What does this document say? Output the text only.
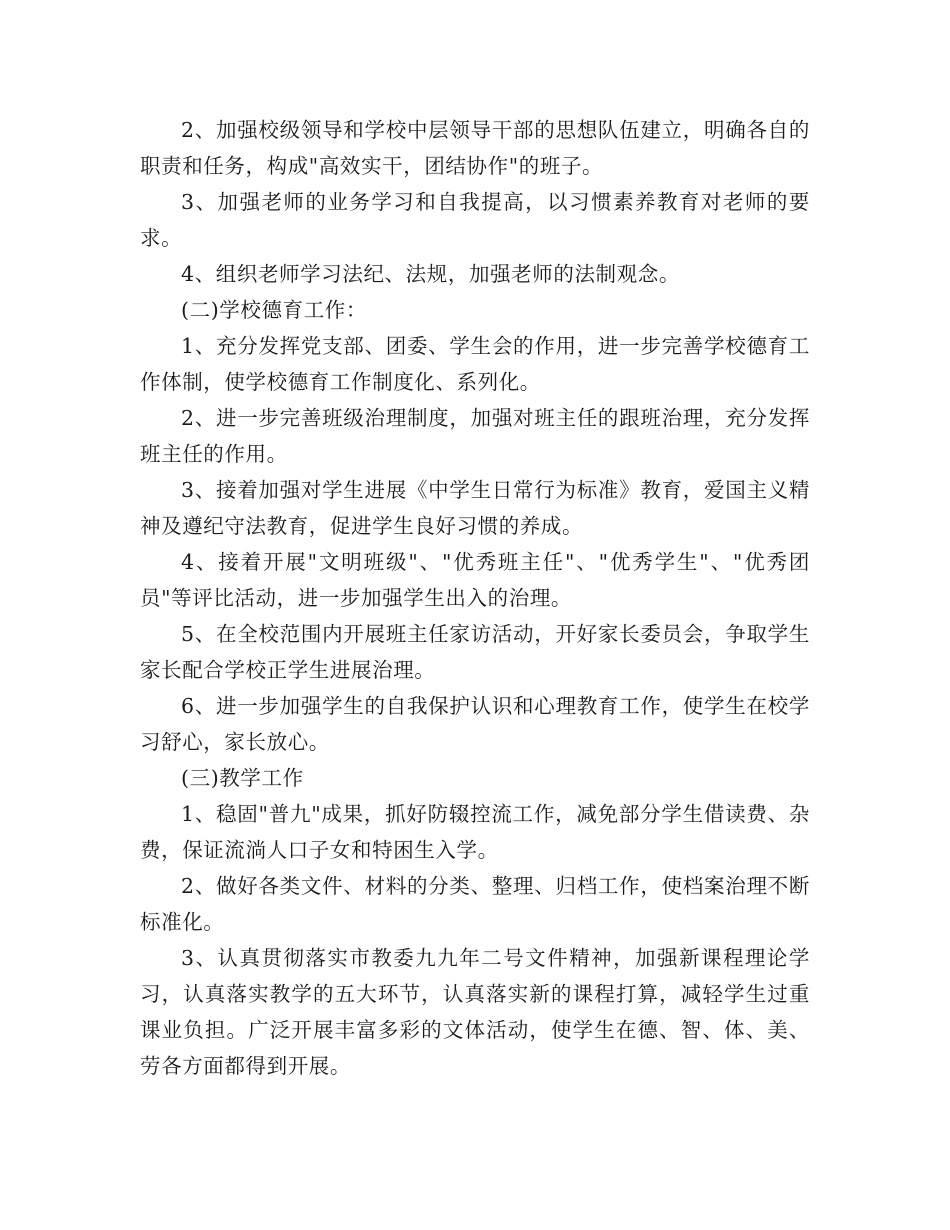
2、加强校级领导和学校中层领导干部的思想队伍建立，明确各自的职责和任务，构成"高效实干，团结协作"的班子。

3、加强老师的业务学习和自我提高，以习惯素养教育对老师的要求。

4、组织老师学习法纪、法规，加强老师的法制观念。

(二)学校德育工作：

1、充分发挥党支部、团委、学生会的作用，进一步完善学校德育工作体制，使学校德育工作制度化、系列化。

2、进一步完善班级治理制度，加强对班主任的跟班治理，充分发挥班主任的作用。

3、接着加强对学生进展《中学生日常行为标准》教育，爱国主义精神及遵纪守法教育，促进学生良好习惯的养成。

4、接着开展"文明班级"、"优秀班主任"、"优秀学生"、"优秀团员"等评比活动，进一步加强学生出入的治理。

5、在全校范围内开展班主任家访活动，开好家长委员会，争取学生家长配合学校正学生进展治理。

6、进一步加强学生的自我保护认识和心理教育工作，使学生在校学习舒心，家长放心。

(三)教学工作

1、稳固"普九"成果，抓好防辍控流工作，减免部分学生借读费、杂费，保证流淌人口子女和特困生入学。

2、做好各类文件、材料的分类、整理、归档工作，使档案治理不断标准化。

3、认真贯彻落实市教委九九年二号文件精神，加强新课程理论学习，认真落实教学的五大环节，认真落实新的课程打算，减轻学生过重课业负担。广泛开展丰富多彩的文体活动，使学生在德、智、体、美、劳各方面都得到开展。
